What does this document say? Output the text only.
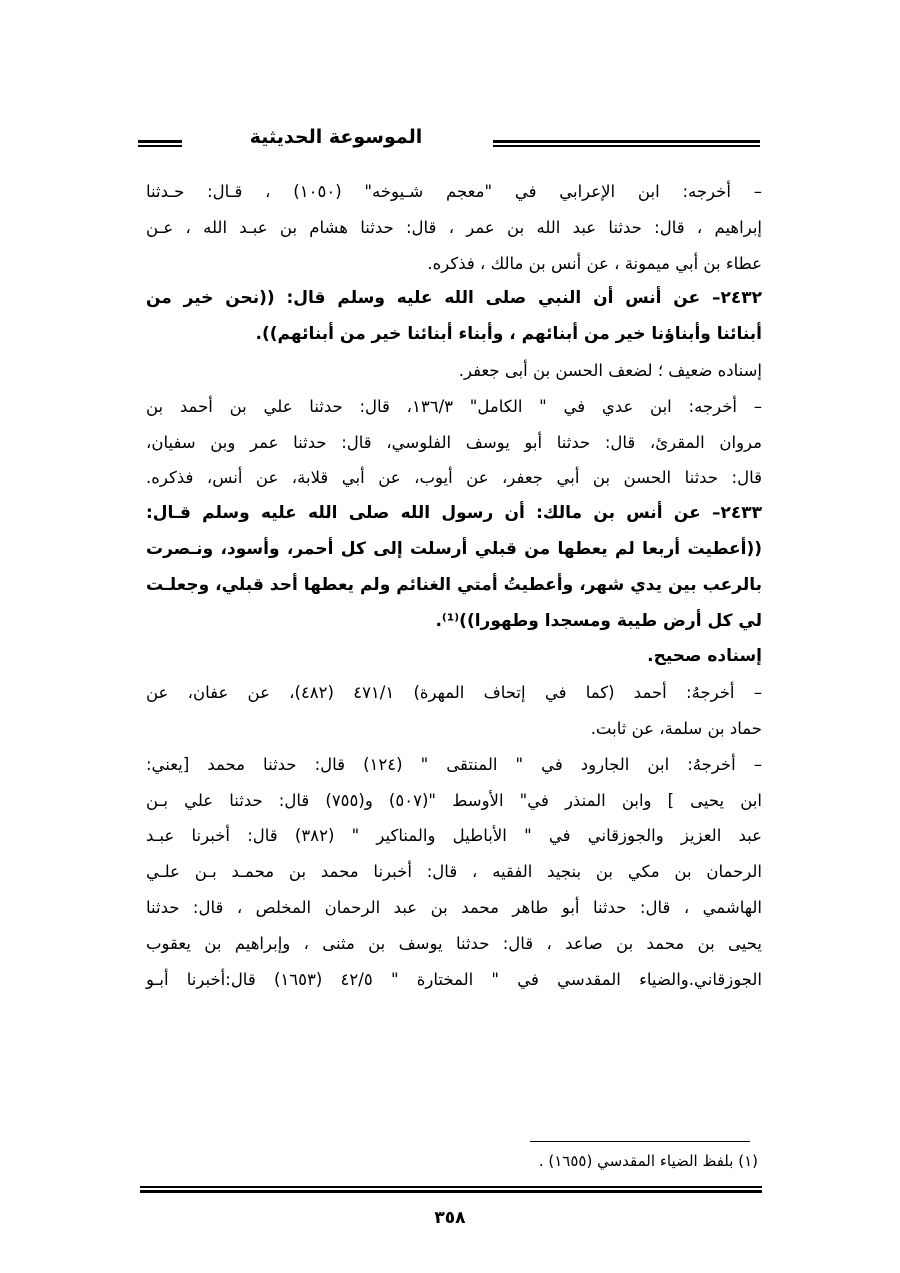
الموسوعة الحديثية
– أخرجه: ابن الإعرابي في "معجم شـيوخه" (١٠٥٠) ، قـال: حـدثنا
إبراهيم ، قال: حدثنا عبد الله بن عمر ، قال: حدثنا هشام بن عبـد الله ، عـن
عطاء بن أبي ميمونة ، عن أنس بن مالك ، فذكره.
٢٤٣٢– عن أنس أن النبي صلى الله عليه وسلم قال: ((نحن خير من
أبنائنا وأبناؤنا خير من أبنائهم ، وأبناء أبنائنا خير من أبنائهم)).
إسناده ضعيف ؛ لضعف الحسن بن أبى جعفر.
– أخرجه: ابن عدي في " الكامل" ١٣٦/٣، قال: حدثنا علي بن أحمد بن
مروان المقرئ، قال: حدثنا أبو يوسف الفلوسي، قال: حدثنا عمر وبن سفيان،
قال: حدثنا الحسن بن أبي جعفر، عن أيوب، عن أبي قلابة، عن أنس، فذكره.
٢٤٣٣– عن أنس بن مالك: أن رسول الله صلى الله عليه وسلم قـال:
((أعطيت أربعا لم يعطها من قبلي أرسلت إلى كل أحمر، وأسود، ونـصرت
بالرعب بين يدي شهر، وأعطيتُ أمتي الغنائم ولم يعطها أحد قبلي، وجعلـت
لي كل أرض طيبة ومسجدا وطهورا))⁽¹⁾.
إسناده صحيح.
– أخرجهُ: أحمد (كما في إتحاف المهرة) ٤٧١/١ (٤٨٢)، عن عفان، عن
حماد بن سلمة، عن ثابت.
– أخرجهُ: ابن الجارود في " المنتقى " (١٢٤) قال: حدثنا محمد [يعني:
ابن يحيى ] وابن المنذر في" الأوسط "(٥٠٧) و(٧٥٥) قال: حدثنا علي بـن
عبد العزيز والجوزقاني في " الأباطيل والمناكير " (٣٨٢) قال: أخبرنا عبـد
الرحمان بن مكي بن بنجيد الفقيه ، قال: أخبرنا محمد بن محمـد بـن علـي
الهاشمي ، قال: حدثنا أبو طاهر محمد بن عبد الرحمان المخلص ، قال: حدثنا
يحيى بن محمد بن صاعد ، قال: حدثنا يوسف بن مثنى ، وإبراهيم بن يعقوب
الجوزقاني.والضياء المقدسي في " المختارة " ٤٢/٥ (١٦٥٣) قال:أخبرنا أبـو
(١) بلفظ الضياء المقدسي (١٦٥٥) .
٣٥٨
